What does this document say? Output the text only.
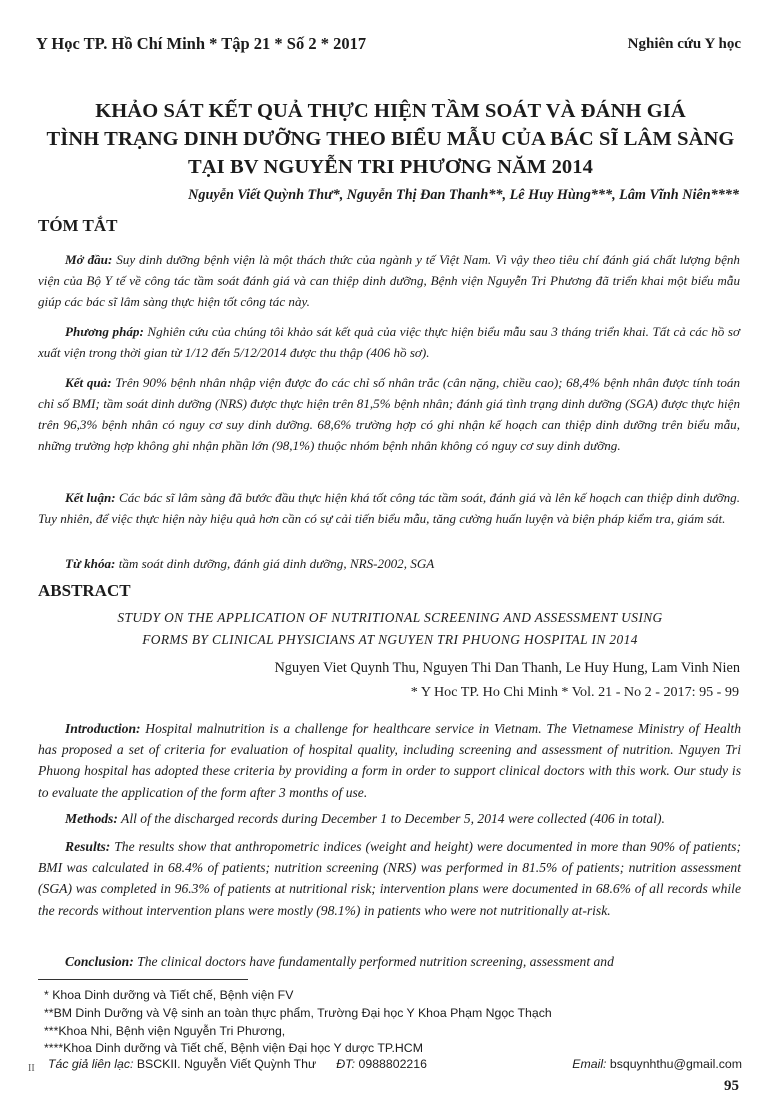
Y Học TP. Hồ Chí Minh * Tập 21 * Số 2 * 2017	Nghiên cứu Y học
KHẢO SÁT KẾT QUẢ THỰC HIỆN TẦM SOÁT VÀ ĐÁNH GIÁ
TÌNH TRẠNG DINH DƯỠNG THEO BIỂU MẪU CỦA BÁC SĨ LÂM SÀNG
TẠI BV NGUYỄN TRI PHƯƠNG NĂM 2014
Nguyễn Viết Quỳnh Thư*, Nguyễn Thị Đan Thanh**, Lê Huy Hùng***, Lâm Vĩnh Niên****
TÓM TẮT
Mở đầu: Suy dinh dưỡng bệnh viện là một thách thức của ngành y tế Việt Nam. Vì vậy theo tiêu chí đánh giá chất lượng bệnh viện của Bộ Y tế về công tác tầm soát đánh giá và can thiệp dinh dưỡng, Bệnh viện Nguyễn Tri Phương đã triển khai một biểu mẫu giúp các bác sĩ lâm sàng thực hiện tốt công tác này.
Phương pháp: Nghiên cứu của chúng tôi khảo sát kết quả của việc thực hiện biểu mẫu sau 3 tháng triển khai. Tất cả các hồ sơ xuất viện trong thời gian từ 1/12 đến 5/12/2014 được thu thập (406 hồ sơ).
Kết quả: Trên 90% bệnh nhân nhập viện được đo các chỉ số nhân trắc (cân nặng, chiều cao); 68,4% bệnh nhân được tính toán chỉ số BMI; tầm soát dinh dưỡng (NRS) được thực hiện trên 81,5% bệnh nhân; đánh giá tình trạng dinh dưỡng (SGA) được thực hiện trên 96,3% bệnh nhân có nguy cơ suy dinh dưỡng. 68,6% trường hợp có ghi nhận kế hoạch can thiệp dinh dưỡng trên biểu mẫu, những trường hợp không ghi nhận phần lớn (98,1%) thuộc nhóm bệnh nhân không có nguy cơ suy dinh dưỡng.
Kết luận: Các bác sĩ lâm sàng đã bước đầu thực hiện khá tốt công tác tầm soát, đánh giá và lên kế hoạch can thiệp dinh dưỡng. Tuy nhiên, để việc thực hiện này hiệu quả hơn cần có sự cải tiến biểu mẫu, tăng cường huấn luyện và biện pháp kiểm tra, giám sát.
Từ khóa: tầm soát dinh dưỡng, đánh giá dinh dưỡng, NRS-2002, SGA
ABSTRACT
STUDY ON THE APPLICATION OF NUTRITIONAL SCREENING AND ASSESSMENT USING
FORMS BY CLINICAL PHYSICIANS AT NGUYEN TRI PHUONG HOSPITAL IN 2014
Nguyen Viet Quynh Thu, Nguyen Thi Dan Thanh, Le Huy Hung, Lam Vinh Nien
* Y Hoc TP. Ho Chi Minh * Vol. 21 - No 2 - 2017: 95 - 99
Introduction: Hospital malnutrition is a challenge for healthcare service in Vietnam. The Vietnamese Ministry of Health has proposed a set of criteria for evaluation of hospital quality, including screening and assessment of nutrition. Nguyen Tri Phuong hospital has adopted these criteria by providing a form in order to support clinical doctors with this work. Our study is to evaluate the application of the form after 3 months of use.
Methods: All of the discharged records during December 1 to December 5, 2014 were collected (406 in total).
Results: The results show that anthropometric indices (weight and height) were documented in more than 90% of patients; BMI was calculated in 68.4% of patients; nutrition screening (NRS) was performed in 81.5% of patients; nutrition assessment (SGA) was completed in 96.3% of patients at nutritional risk; intervention plans were documented in 68.6% of all records while the records without intervention plans were mostly (98.1%) in patients who were not nutritionally at-risk.
Conclusion: The clinical doctors have fundamentally performed nutrition screening, assessment and
* Khoa Dinh dưỡng và Tiết chế, Bệnh viện FV
**BM Dinh Dưỡng và Vệ sinh an toàn thực phẩm, Trường Đại học Y Khoa Phạm Ngọc Thạch
***Khoa Nhi, Bệnh viện Nguyễn Tri Phương,
****Khoa Dinh dưỡng và Tiết chế, Bệnh viện Đại học Y dược TP.HCM
II Tác giả liên lạc: BSCKII. Nguyễn Viết Quỳnh Thư ĐT: 0988802216	Email: bsquynhthu@gmail.com
95
